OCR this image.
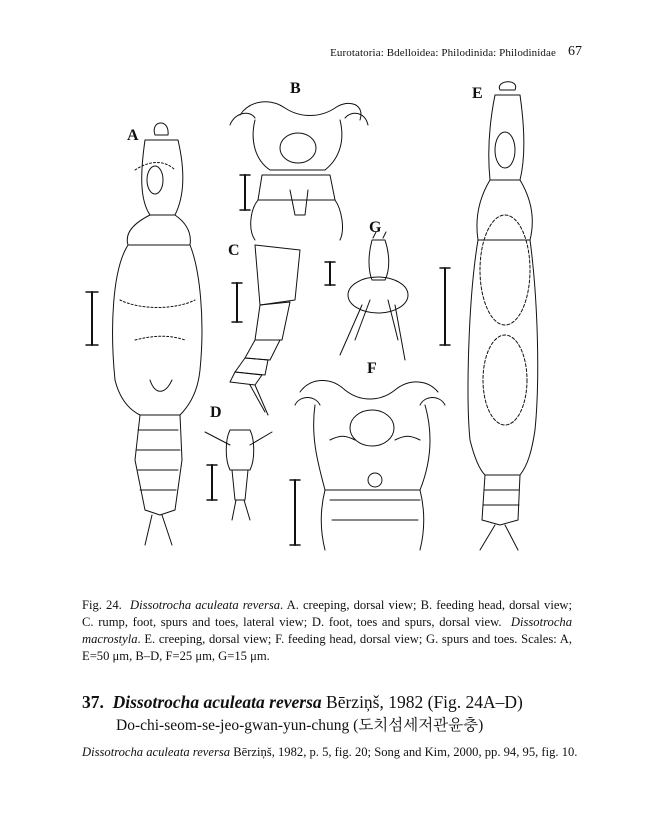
Eurotatoria: Bdelloidea: Philodinida: Philodinidae 67
A
B
C
D
E
F
G
Fig. 24. Dissotrocha aculeata reversa. A. creeping, dorsal view; B. feeding head, dorsal view; C. rump, foot, spurs and toes, lateral view; D. foot, toes and spurs, dorsal view. Dissotrocha macrostyla. E. creeping, dorsal view; F. feeding head, dorsal view; G. spurs and toes. Scales: A, E=50 μm, B–D, F=25 μm, G=15 μm.
37. Dissotrocha aculeata reversa Bērziņš, 1982 (Fig. 24A–D)
Do-chi-seom-se-jeo-gwan-yun-chung (도치섬세저관윤충)
Dissotrocha aculeata reversa Bērziņš, 1982, p. 5, fig. 20; Song and Kim, 2000, pp. 94, 95, fig. 10.
